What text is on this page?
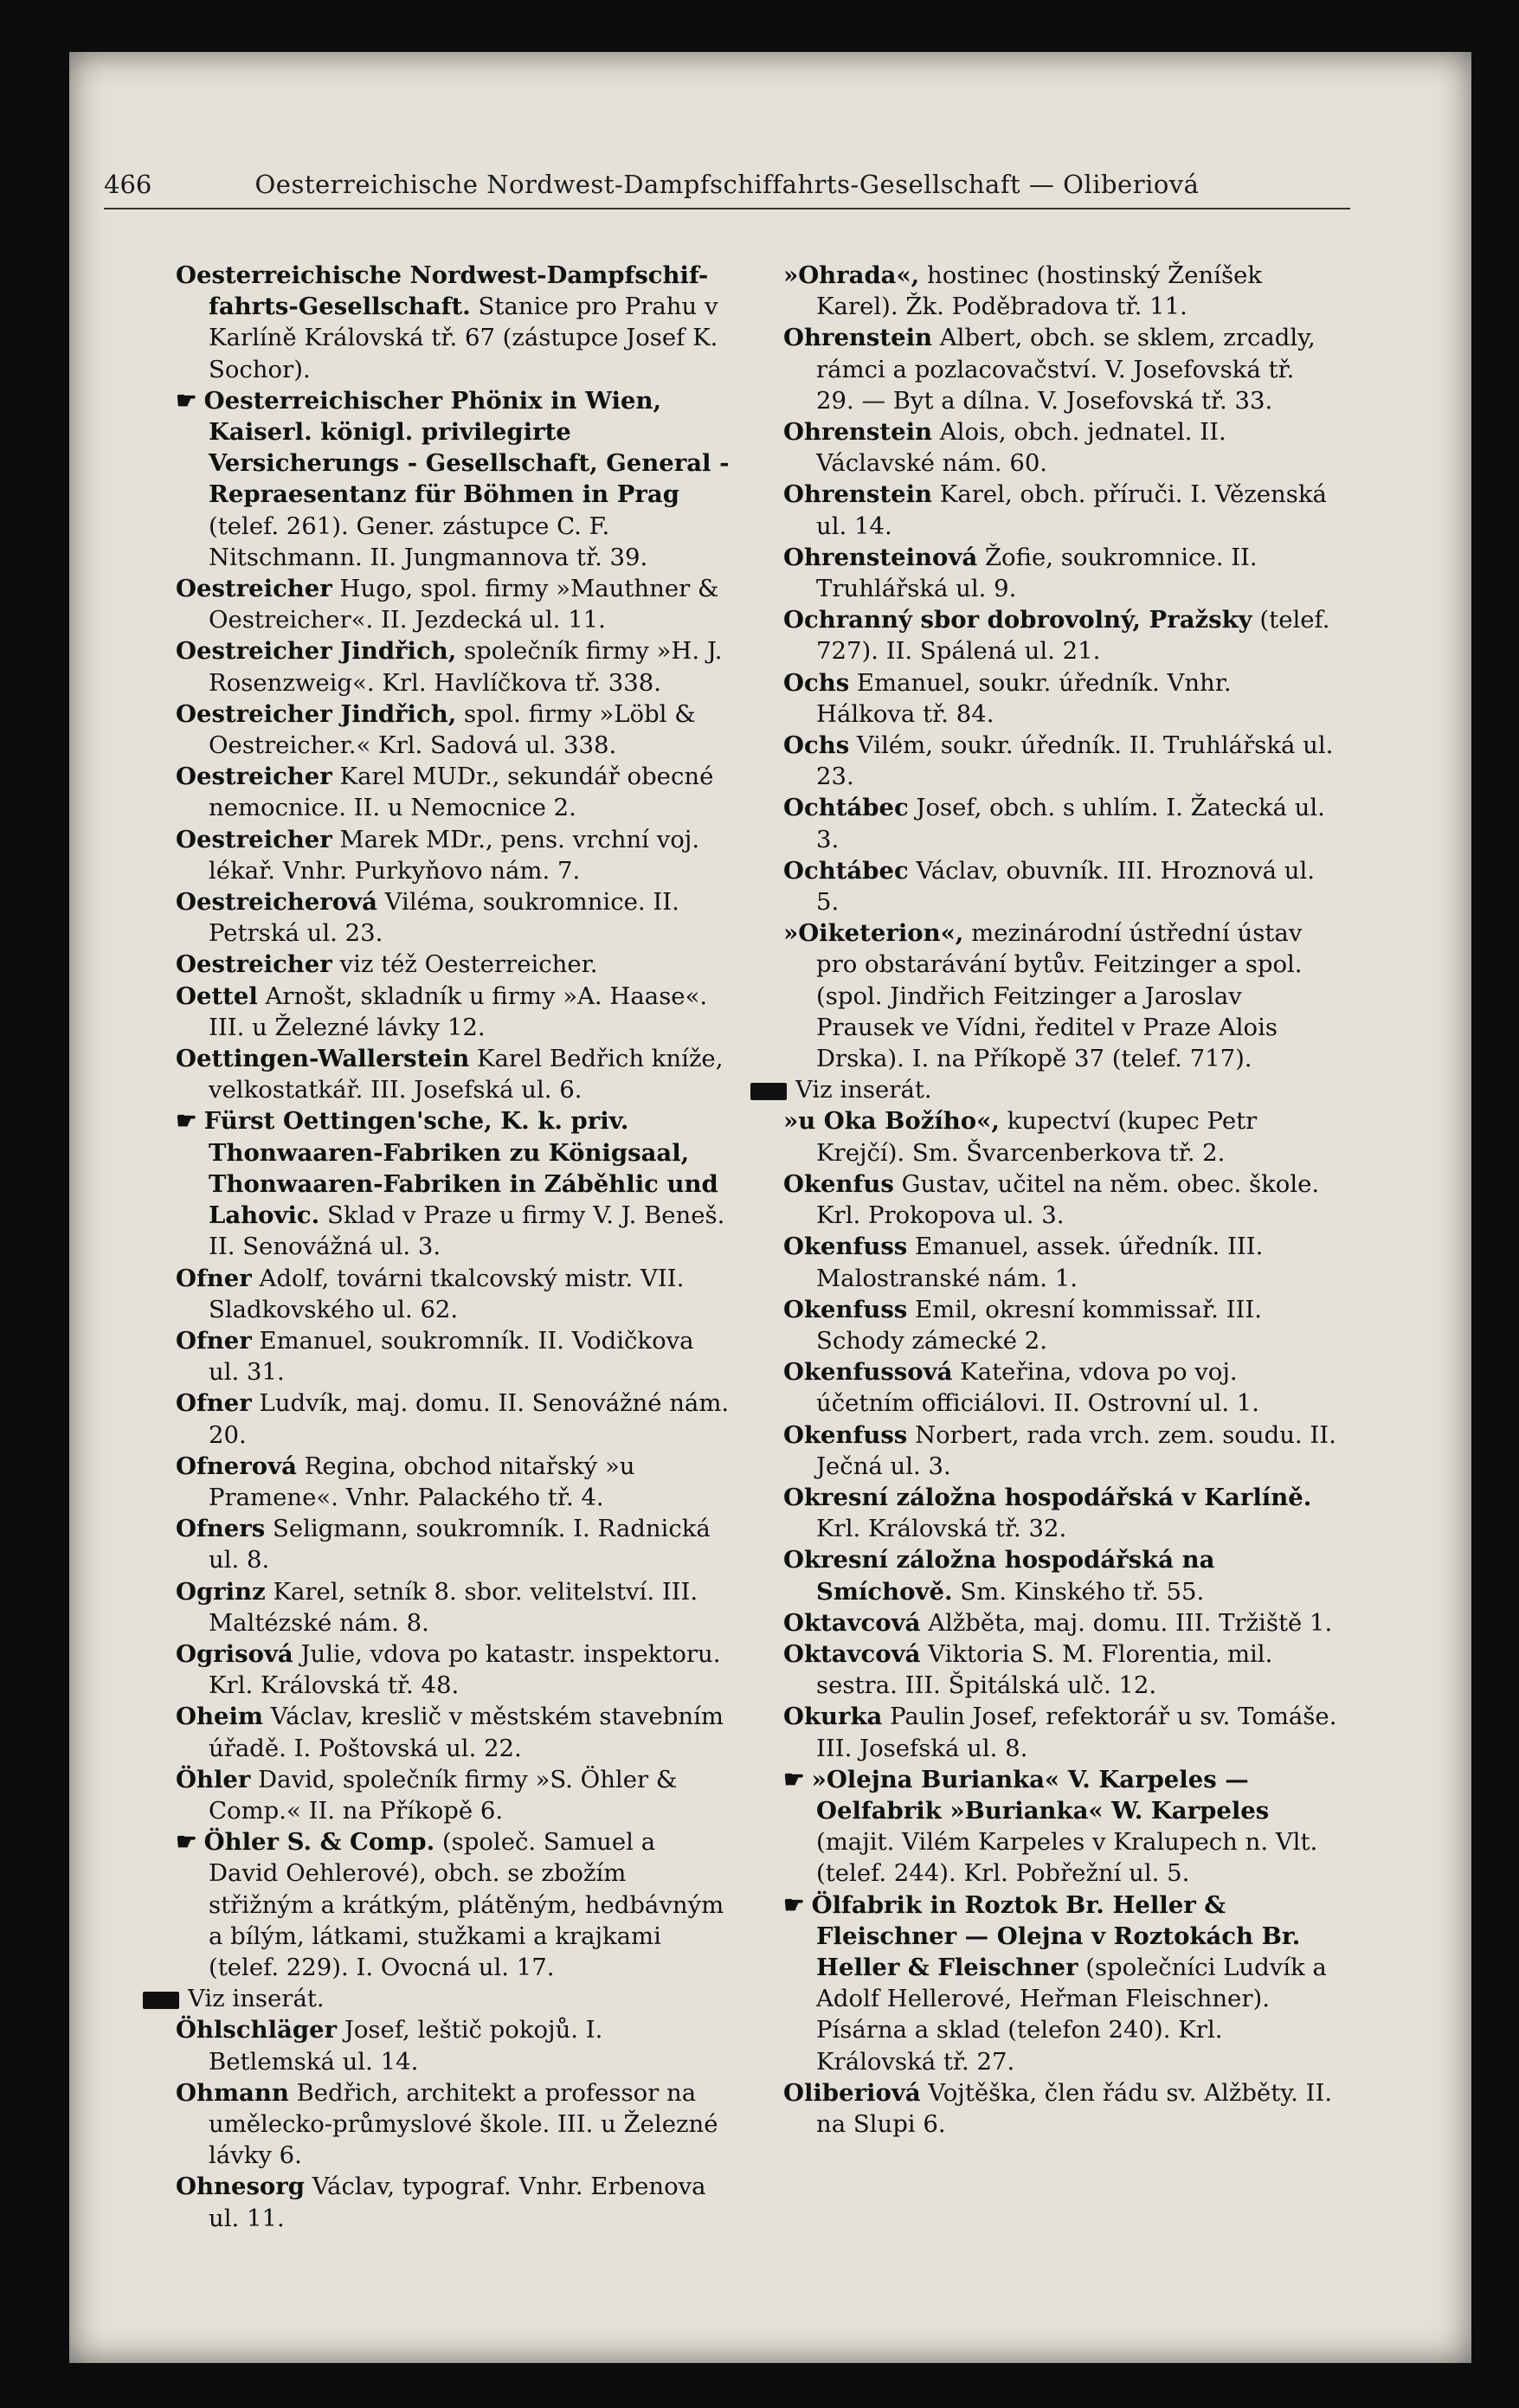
466	Oesterreichische Nordwest-Dampfschiffahrts-Gesellschaft — Oliberiová

Oesterreichische Nordwest-Dampfschif-fahrts-Gesellschaft. Stanice pro Prahu v Karlíně Královská tř. 67 (zástupce Josef K. Sochor).

☛ Oesterreichischer Phönix in Wien, Kaiserl. königl. privilegirte Versicherungs - Gesellschaft, General - Repraesentanz für Böhmen in Prag (telef. 261). Gener. zástupce C. F. Nitschmann. II. Jungmannova tř. 39.

Oestreicher Hugo, spol. firmy »Mauthner & Oestreicher«. II. Jezdecká ul. 11.

Oestreicher Jindřich, společník firmy »H. J. Rosenzweig«. Krl. Havlíčkova tř. 338.

Oestreicher Jindřich, spol. firmy »Löbl & Oestreicher.« Krl. Sadová ul. 338.

Oestreicher Karel MUDr., sekundář obecné nemocnice. II. u Nemocnice 2.

Oestreicher Marek MDr., pens. vrchní voj. lékař. Vnhr. Purkyňovo nám. 7.

Oestreicherová Viléma, soukromnice. II. Petrská ul. 23.

Oestreicher viz též Oesterreicher.

Oettel Arnošt, skladník u firmy »A. Haase«. III. u Železné lávky 12.

Oettingen-Wallerstein Karel Bedřich kníže, velkostatkář. III. Josefská ul. 6.

☛ Fürst Oettingen'sche, K. k. priv. Thonwaaren-Fabriken zu Königsaal, Thonwaaren-Fabriken in Záběhlic und Lahovic. Sklad v Praze u firmy V. J. Beneš. II. Senovážná ul. 3.

Ofner Adolf, továrni tkalcovský mistr. VII. Sladkovského ul. 62.

Ofner Emanuel, soukromník. II. Vodičkova ul. 31.

Ofner Ludvík, maj. domu. II. Senovážné nám. 20.

Ofnerová Regina, obchod nitařský »u Pramene«. Vnhr. Palackého tř. 4.

Ofners Seligmann, soukromník. I. Radnická ul. 8.

Ogrinz Karel, setník 8. sbor. velitelství. III. Maltézské nám. 8.

Ogrisová Julie, vdova po katastr. inspektoru. Krl. Královská tř. 48.

Oheim Václav, kreslič v městském stavebním úřadě. I. Poštovská ul. 22.

Öhler David, společník firmy »S. Öhler & Comp.« II. na Příkopě 6.

☛ Öhler S. & Comp. (společ. Samuel a David Oehlerové), obch. se zbožím střižným a krátkým, plátěným, hedbávným a bílým, látkami, stužkami a krajkami (telef. 229). I. Ovocná ul. 17.

Viz inserát.

Öhlschläger Josef, leštič pokojů. I. Betlemská ul. 14.

Ohmann Bedřich, architekt a professor na umělecko-průmyslové škole. III. u Železné lávky 6.

Ohnesorg Václav, typograf. Vnhr. Erbenova ul. 11.

»Ohrada«, hostinec (hostinský Ženíšek Karel). Žk. Poděbradova tř. 11.

Ohrenstein Albert, obch. se sklem, zrcadly, rámci a pozlacovačství. V. Josefovská tř. 29. — Byt a dílna. V. Josefovská tř. 33.

Ohrenstein Alois, obch. jednatel. II. Václavské nám. 60.

Ohrenstein Karel, obch. příruči. I. Vězenská ul. 14.

Ohrensteinová Žofie, soukromnice. II. Truhlářská ul. 9.

Ochranný sbor dobrovolný, Pražsky (telef. 727). II. Spálená ul. 21.

Ochs Emanuel, soukr. úředník. Vnhr. Hálkova tř. 84.

Ochs Vilém, soukr. úředník. II. Truhlářská ul. 23.

Ochtábec Josef, obch. s uhlím. I. Žatecká ul. 3.

Ochtábec Václav, obuvník. III. Hroznová ul. 5.

»Oiketerion«, mezinárodní ústřední ústav pro obstarávání bytův. Feitzinger a spol. (spol. Jindřich Feitzinger a Jaroslav Prausek ve Vídni, ředitel v Praze Alois Drska). I. na Příkopě 37 (telef. 717).

Viz inserát.

»u Oka Božího«, kupectví (kupec Petr Krejčí). Sm. Švarcenberkova tř. 2.

Okenfus Gustav, učitel na něm. obec. škole. Krl. Prokopova ul. 3.

Okenfuss Emanuel, assek. úředník. III. Malostranské nám. 1.

Okenfuss Emil, okresní kommissař. III. Schody zámecké 2.

Okenfussová Kateřina, vdova po voj. účetním officiálovi. II. Ostrovní ul. 1.

Okenfuss Norbert, rada vrch. zem. soudu. II. Ječná ul. 3.

Okresní záložna hospodářská v Karlíně. Krl. Královská tř. 32.

Okresní záložna hospodářská na Smíchově. Sm. Kinského tř. 55.

Oktavcová Alžběta, maj. domu. III. Tržiště 1.

Oktavcová Viktoria S. M. Florentia, mil. sestra. III. Špitálská ulč. 12.

Okurka Paulin Josef, refektorář u sv. Tomáše. III. Josefská ul. 8.

☛ »Olejna Burianka« V. Karpeles — Oelfabrik »Burianka« W. Karpeles (majit. Vilém Karpeles v Kralupech n. Vlt. (telef. 244). Krl. Pobřežní ul. 5.

☛ Ölfabrik in Roztok Br. Heller & Fleischner — Olejna v Roztokách Br. Heller & Fleischner (společníci Ludvík a Adolf Hellerové, Heřman Fleischner). Písárna a sklad (telefon 240). Krl. Královská tř. 27.

Oliberiová Vojtěška, člen řádu sv. Alžběty. II. na Slupi 6.
